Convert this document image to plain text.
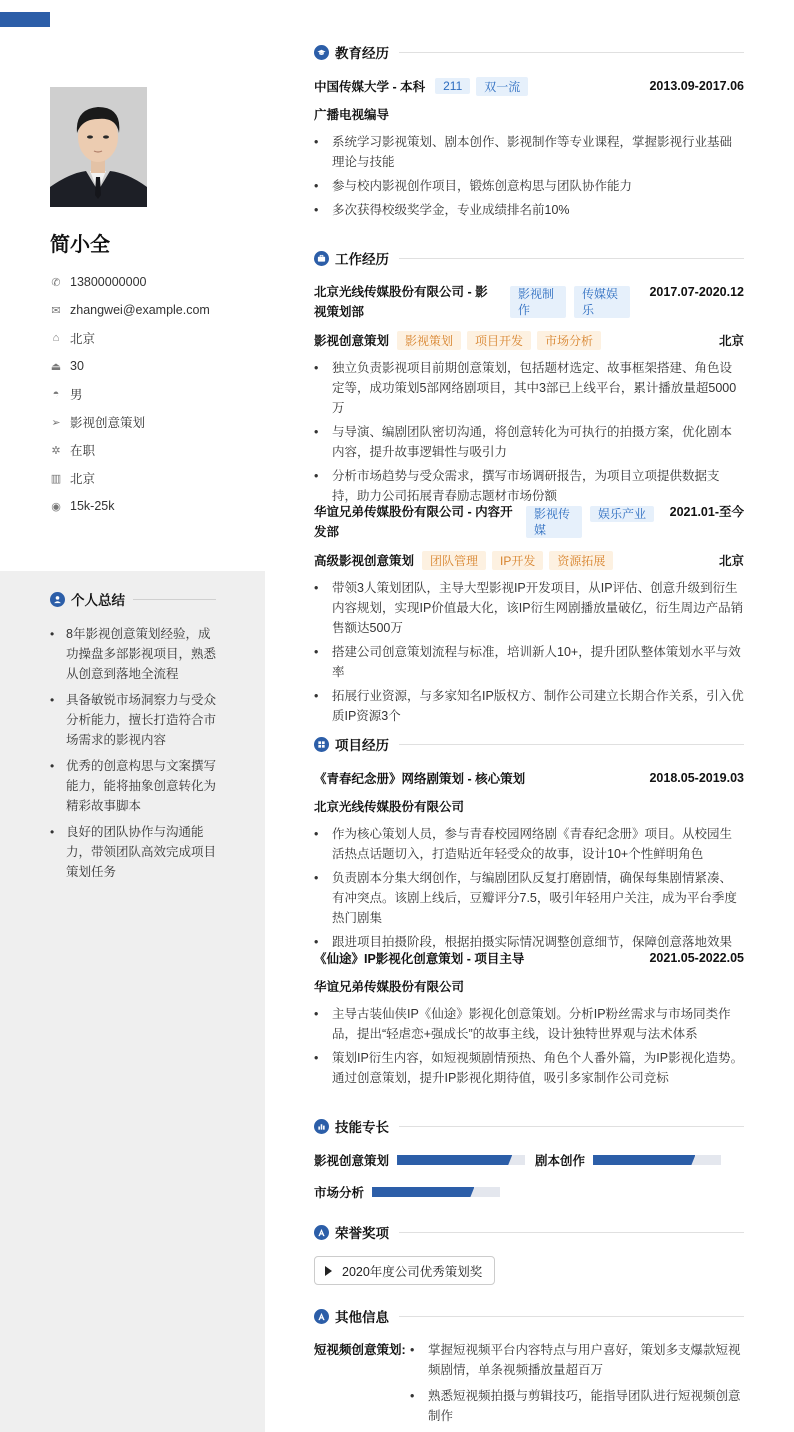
简小全
✆ 13800000000
✉ zhangwei@example.com
⌂ 北京
⏏ 30
◓ 男
➢ 影视创意策划
✲ 在职
▥ 北京
◉ 15k-25k
个人总结
• 8年影视创意策划经验，成功操盘多部影视项目，熟悉从创意到落地全流程
• 具备敏锐市场洞察力与受众分析能力，擅长打造符合市场需求的影视内容
• 优秀的创意构思与文案撰写能力，能将抽象创意转化为精彩故事脚本
• 良好的团队协作与沟通能力，带领团队高效完成项目策划任务
教育经历
中国传媒大学 - 本科	211	双一流	2013.09-2017.06
广播电视编导
• 系统学习影视策划、剧本创作、影视制作等专业课程，掌握影视行业基础理论与技能
• 参与校内影视创作项目，锻炼创意构思与团队协作能力
• 多次获得校级奖学金，专业成绩排名前10%
工作经历
北京光线传媒股份有限公司 - 影视策划部
影视制作
传媒娱乐
2017.07-2020.12
影视创意策划	影视策划	项目开发	市场分析	北京
• 独立负责影视项目前期创意策划，包括题材选定、故事框架搭建、角色设定等，成功策划5部网络剧项目，其中3部已上线平台，累计播放量超5000万
• 与导演、编剧团队密切沟通，将创意转化为可执行的拍摄方案，优化剧本内容，提升故事逻辑性与吸引力
• 分析市场趋势与受众需求，撰写市场调研报告，为项目立项提供数据支持，助力公司拓展青春励志题材市场份额
华谊兄弟传媒股份有限公司 - 内容开发部
影视传媒
娱乐产业	2021.01-至今
高级影视创意策划	团队管理	IP开发	资源拓展	北京
• 带领3人策划团队，主导大型影视IP开发项目，从IP评估、创意升级到衍生内容规划，实现IP价值最大化，该IP衍生网剧播放量破亿，衍生周边产品销售额达500万
• 搭建公司创意策划流程与标准，培训新人10+，提升团队整体策划水平与效率
• 拓展行业资源，与多家知名IP版权方、制作公司建立长期合作关系，引入优质IP资源3个
项目经历
《青春纪念册》网络剧策划 - 核心策划	2018.05-2019.03
北京光线传媒股份有限公司
• 作为核心策划人员，参与青春校园网络剧《青春纪念册》项目。从校园生活热点话题切入，打造贴近年轻受众的故事，设计10+个性鲜明角色
• 负责剧本分集大纲创作，与编剧团队反复打磨剧情，确保每集剧情紧凑、有冲突点。该剧上线后，豆瓣评分7.5，吸引年轻用户关注，成为平台季度热门剧集
• 跟进项目拍摄阶段，根据拍摄实际情况调整创意细节，保障创意落地效果
《仙途》IP影视化创意策划 - 项目主导	2021.05-2022.05
华谊兄弟传媒股份有限公司
• 主导古装仙侠IP《仙途》影视化创意策划。分析IP粉丝需求与市场同类作品，提出“轻虐恋+强成长”的故事主线，设计独特世界观与法术体系
• 策划IP衍生内容，如短视频剧情预热、角色个人番外篇，为IP影视化造势。通过创意策划，提升IP影视化期待值，吸引多家制作公司竞标
技能专长
影视创意策划	剧本创作
市场分析
荣誉奖项
2020年度公司优秀策划奖
其他信息
短视频创意策划:
•	掌握短视频平台内容特点与用户喜好，策划多支爆款短视频剧情，单条视频播放量超百万
• 熟悉短视频拍摄与剪辑技巧，能指导团队进行短视频创意制作
